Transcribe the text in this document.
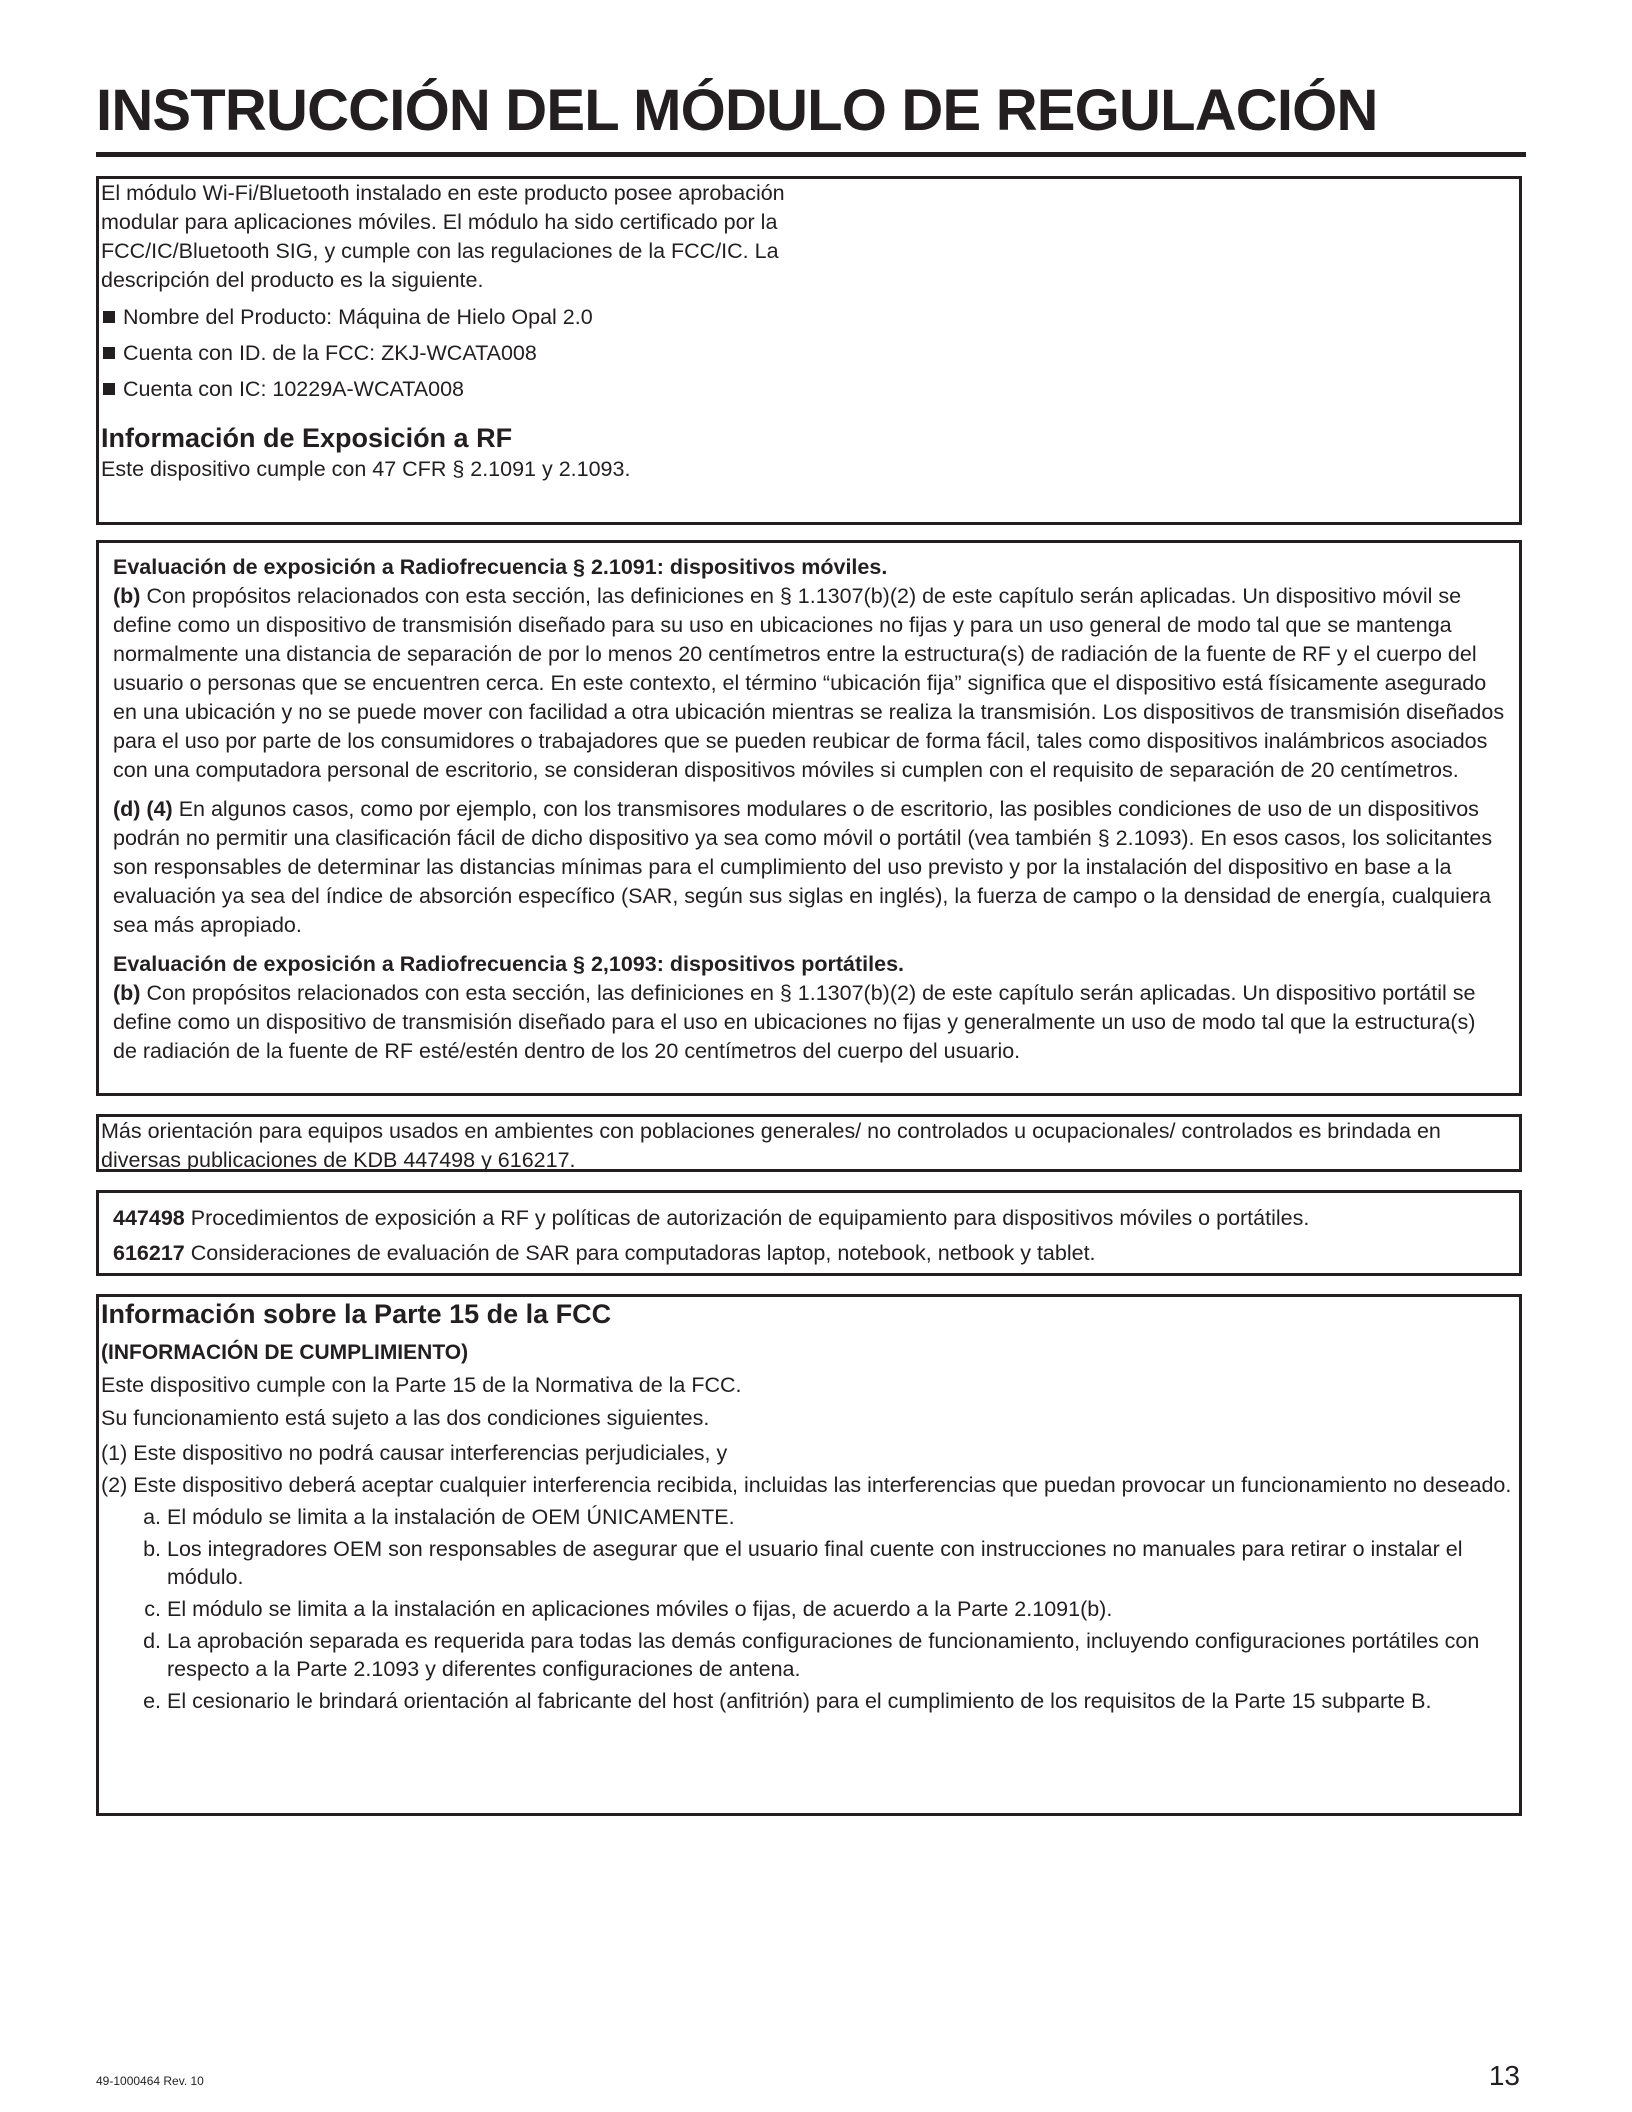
INSTRUCCIÓN DEL MÓDULO DE REGULACIÓN

El módulo Wi-Fi/Bluetooth instalado en este producto posee aprobación modular para aplicaciones móviles. El módulo ha sido certificado por la FCC/IC/Bluetooth SIG, y cumple con las regulaciones de la FCC/IC. La descripción del producto es la siguiente.

Nombre del Producto: Máquina de Hielo Opal 2.0

Cuenta con ID. de la FCC: ZKJ-WCATA008

Cuenta con IC: 10229A-WCATA008

Información de Exposición a RF

Este dispositivo cumple con 47 CFR § 2.1091 y 2.1093.

Evaluación de exposición a Radiofrecuencia § 2.1091: dispositivos móviles.

(b) Con propósitos relacionados con esta sección, las definiciones en § 1.1307(b)(2) de este capítulo serán aplicadas. Un dispositivo móvil se define como un dispositivo de transmisión diseñado para su uso en ubicaciones no fijas y para un uso general de modo tal que se mantenga normalmente una distancia de separación de por lo menos 20 centímetros entre la estructura(s) de radiación de la fuente de RF y el cuerpo del usuario o personas que se encuentren cerca. En este contexto, el término “ubicación fija” significa que el dispositivo está físicamente asegurado en una ubicación y no se puede mover con facilidad a otra ubicación mientras se realiza la transmisión. Los dispositivos de transmisión diseñados para el uso por parte de los consumidores o trabajadores que se pueden reubicar de forma fácil, tales como dispositivos inalámbricos asociados con una computadora personal de escritorio, se consideran dispositivos móviles si cumplen con el requisito de separación de 20 centímetros.

(d) (4) En algunos casos, como por ejemplo, con los transmisores modulares o de escritorio, las posibles condiciones de uso de un dispositivos podrán no permitir una clasificación fácil de dicho dispositivo ya sea como móvil o portátil (vea también § 2.1093). En esos casos, los solicitantes son responsables de determinar las distancias mínimas para el cumplimiento del uso previsto y por la instalación del dispositivo en base a la evaluación ya sea del índice de absorción específico (SAR, según sus siglas en inglés), la fuerza de campo o la densidad de energía, cualquiera sea más apropiado.

Evaluación de exposición a Radiofrecuencia § 2,1093: dispositivos portátiles.

(b) Con propósitos relacionados con esta sección, las definiciones en § 1.1307(b)(2) de este capítulo serán aplicadas. Un dispositivo portátil se define como un dispositivo de transmisión diseñado para el uso en ubicaciones no fijas y generalmente un uso de modo tal que la estructura(s) de radiación de la fuente de RF esté/estén dentro de los 20 centímetros del cuerpo del usuario.

Más orientación para equipos usados en ambientes con poblaciones generales/ no controlados u ocupacionales/ controlados es brindada en diversas publicaciones de KDB 447498 y 616217.

447498 Procedimientos de exposición a RF y políticas de autorización de equipamiento para dispositivos móviles o portátiles.

616217 Consideraciones de evaluación de SAR para computadoras laptop, notebook, netbook y tablet.

Información sobre la Parte 15 de la FCC

(INFORMACIÓN DE CUMPLIMIENTO)

Este dispositivo cumple con la Parte 15 de la Normativa de la FCC.

Su funcionamiento está sujeto a las dos condiciones siguientes.

(1) Este dispositivo no podrá causar interferencias perjudiciales, y
(2) Este dispositivo deberá aceptar cualquier interferencia recibida, incluidas las interferencias que puedan provocar un funcionamiento no deseado.
a. El módulo se limita a la instalación de OEM ÚNICAMENTE.
b. Los integradores OEM son responsables de asegurar que el usuario final cuente con instrucciones no manuales para retirar o instalar el módulo.
c. El módulo se limita a la instalación en aplicaciones móviles o fijas, de acuerdo a la Parte 2.1091(b).
d. La aprobación separada es requerida para todas las demás configuraciones de funcionamiento, incluyendo configuraciones portátiles con respecto a la Parte 2.1093 y diferentes configuraciones de antena.
e. El cesionario le brindará orientación al fabricante del host (anfitrión) para el cumplimiento de los requisitos de la Parte 15 subparte B.
49-1000464 Rev. 10	13
